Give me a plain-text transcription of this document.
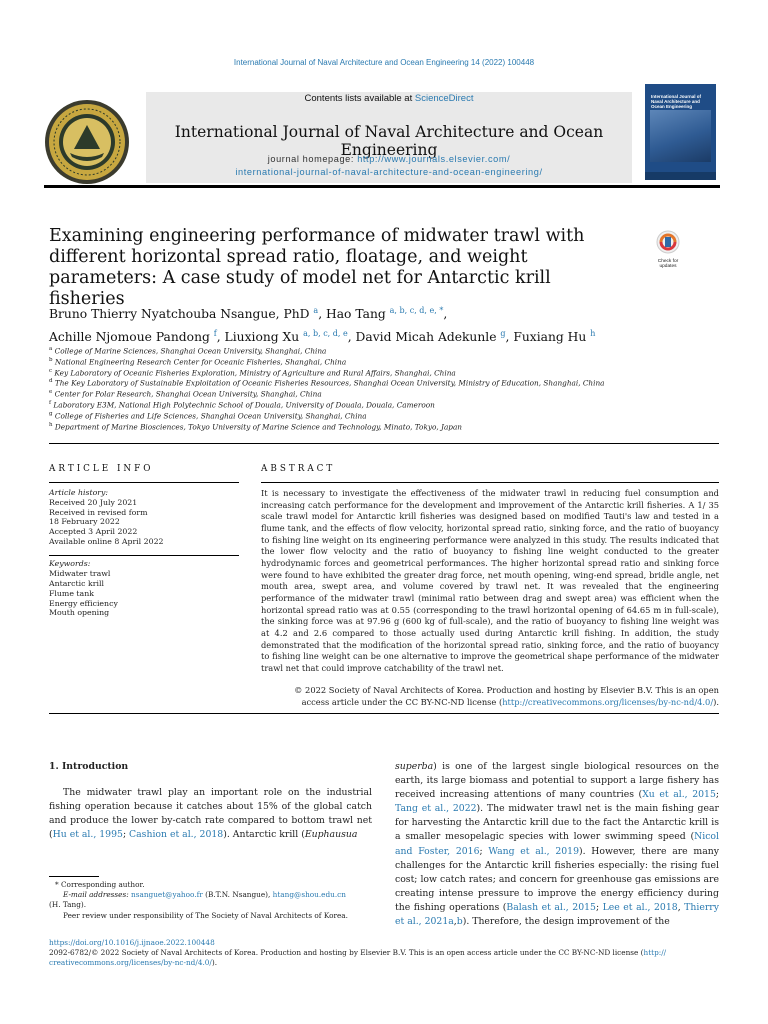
International Journal of Naval Architecture and Ocean Engineering 14 (2022) 100448
Contents lists available at ScienceDirect
International Journal of Naval Architecture and Ocean Engineering
journal homepage: http://www.journals.elsevier.com/
international-journal-of-naval-architecture-and-ocean-engineering/
International Journal of Naval Architecture and Ocean Engineering
Examining engineering performance of midwater trawl with different horizontal spread ratio, floatage, and weight parameters: A case study of model net for Antarctic krill fisheries
Check for updates
Bruno Thierry Nyatchouba Nsangue, PhD $^a$, Hao Tang $^{a, b, c, d, e, *}$,
Achille Njomoue Pandong $^f$, Liuxiong Xu $^{a, b, c, d, e}$, David Micah Adekunle $^g$, Fuxiang Hu $^h$
$^a$ College of Marine Sciences, Shanghai Ocean University, Shanghai, China
$^b$ National Engineering Research Center for Oceanic Fisheries, Shanghai, China
$^c$ Key Laboratory of Oceanic Fisheries Exploration, Ministry of Agriculture and Rural Affairs, Shanghai, China
$^d$ The Key Laboratory of Sustainable Exploitation of Oceanic Fisheries Resources, Shanghai Ocean University, Ministry of Education, Shanghai, China
$^e$ Center for Polar Research, Shanghai Ocean University, Shanghai, China
$^f$ Laboratory E3M, National High Polytechnic School of Douala, University of Douala, Douala, Cameroon
$^g$ College of Fisheries and Life Sciences, Shanghai Ocean University, Shanghai, China
$^h$ Department of Marine Biosciences, Tokyo University of Marine Science and Technology, Minato, Tokyo, Japan
ARTICLE INFO	ABSTRACT
Article history:
Received 20 July 2021
Received in revised form
18 February 2022
Accepted 3 April 2022
Available online 8 April 2022
Keywords:
Midwater trawl
Antarctic krill
Flume tank
Energy efficiency
Mouth opening
It is necessary to investigate the effectiveness of the midwater trawl in reducing fuel consumption and increasing catch performance for the development and improvement of the Antarctic krill fisheries. A 1/ 35 scale trawl model for Antarctic krill fisheries was designed based on modified Tauti's law and tested in a flume tank, and the effects of flow velocity, horizontal spread ratio, sinking force, and the ratio of buoyancy to fishing line weight on its engineering performance were analyzed in this study. The results indicated that the lower flow velocity and the ratio of buoyancy to fishing line weight conducted to the greater hydrodynamic forces and geometrical performances. The higher horizontal spread ratio and sinking force were found to have exhibited the greater drag force, net mouth opening, wing-end spread, bridle angle, net mouth area, swept area, and volume covered by trawl net. It was revealed that the engineering performance of the midwater trawl (minimal ratio between drag and swept area) was efficient when the horizontal spread ratio was at 0.55 (corresponding to the trawl horizontal opening of 64.65 m in full-scale), the sinking force was at 97.96 g (600 kg of full-scale), and the ratio of buoyancy to fishing line weight was at 4.2 and 2.6 compared to those actually used during Antarctic krill fishing. In addition, the study demonstrated that the modification of the horizontal spread ratio, sinking force, and the ratio of buoyancy to fishing line weight can be one alternative to improve the geometrical shape performance of the midwater trawl net that could improve catchability of the trawl net.
© 2022 Society of Naval Architects of Korea. Production and hosting by Elsevier B.V. This is an open
access article under the CC BY-NC-ND license (http://creativecommons.org/licenses/by-nc-nd/4.0/).
1. Introduction
The midwater trawl play an important role on the industrial fishing operation because it catches about 15% of the global catch and produce the lower by-catch rate compared to bottom trawl net (Hu et al., 1995; Cashion et al., 2018). Antarctic krill (Euphausua
* Corresponding author.
E-mail addresses: nsanguet@yahoo.fr (B.T.N. Nsangue), htang@shou.edu.cn
(H. Tang).
Peer review under responsibility of The Society of Naval Architects of Korea.
superba) is one of the largest single biological resources on the earth, its large biomass and potential to support a large fishery has received increasing attentions of many countries (Xu et al., 2015; Tang et al., 2022). The midwater trawl net is the main fishing gear for harvesting the Antarctic krill due to the fact the Antarctic krill is a smaller mesopelagic species with lower swimming speed (Nicol and Foster, 2016; Wang et al., 2019). However, there are many challenges for the Antarctic krill fisheries especially: the rising fuel cost; low catch rates; and concern for greenhouse gas emissions are creating intense pressure to improve the energy efficiency during the fishing operations (Balash et al., 2015; Lee et al., 2018, Thierry et al., 2021a,b). Therefore, the design improvement of the
https://doi.org/10.1016/j.ijnaoe.2022.100448
2092-6782/© 2022 Society of Naval Architects of Korea. Production and hosting by Elsevier B.V. This is an open access article under the CC BY-NC-ND license (http:// creativecommons.org/licenses/by-nc-nd/4.0/).
